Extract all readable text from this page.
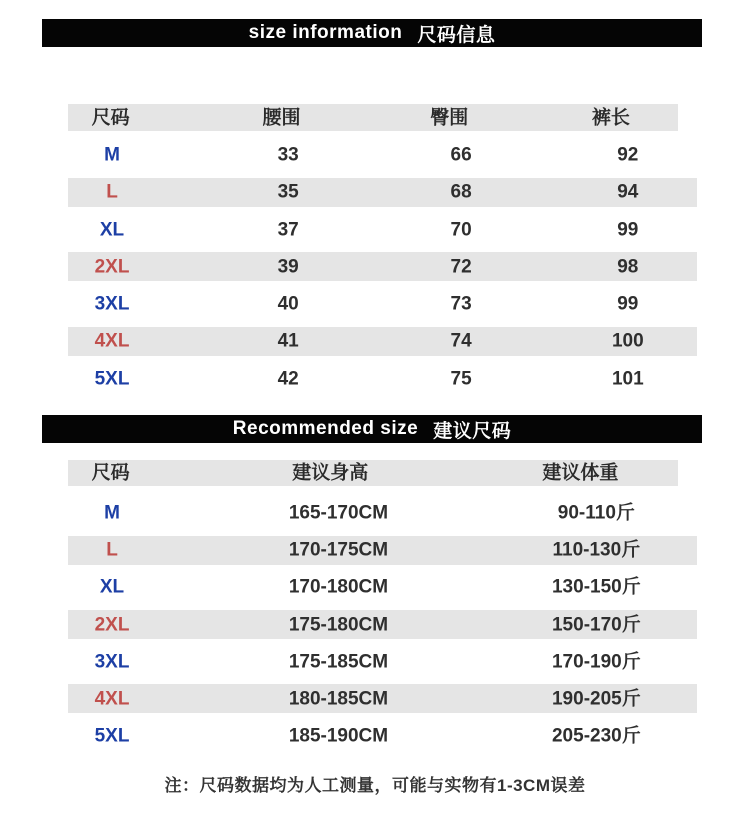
size information 尺码信息
尺码	腰围	臀围	裤长
M	33	66	92
L	35	68	94
XL	37	70	99
2XL	39	72	98
3XL	40	73	99
4XL	41	74	100
5XL	42	75	101
Recommended size 建议尺码
尺码	建议身高	建议体重
M	165-170CM	90-110斤
L	170-175CM	110-130斤
XL	170-180CM	130-150斤
2XL	175-180CM	150-170斤
3XL	175-185CM	170-190斤
4XL	180-185CM	190-205斤
5XL	185-190CM	205-230斤
注：尺码数据均为人工测量，可能与实物有1-3CM误差
